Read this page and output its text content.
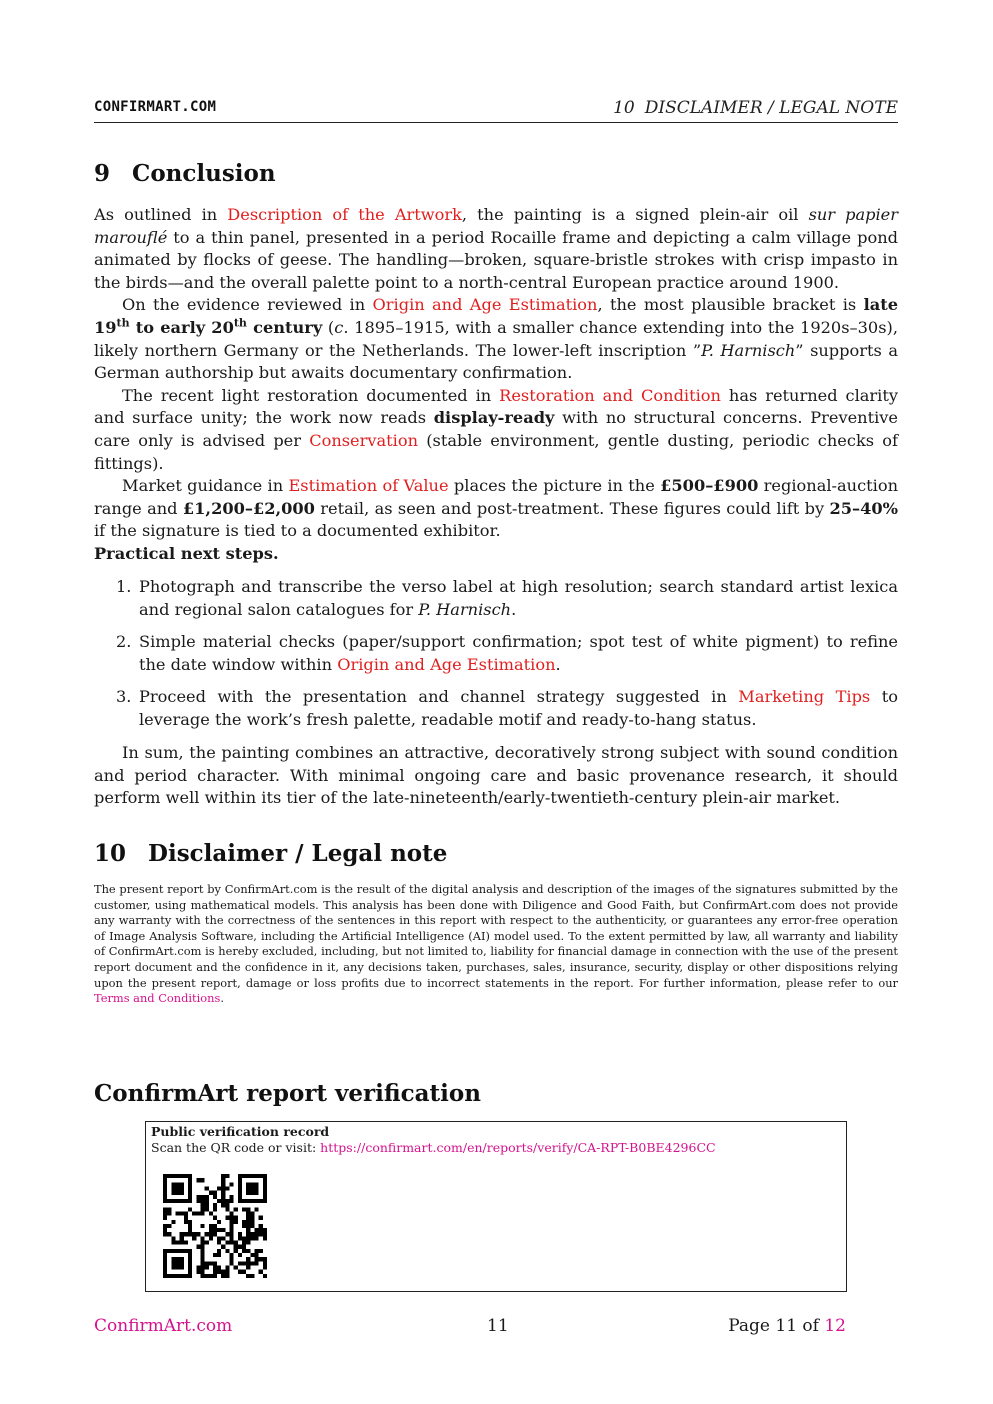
CONFIRMART.COM	10 DISCLAIMER / LEGAL NOTE
9 Conclusion

As outlined in Description of the Artwork, the painting is a signed plein-air oil sur papier marouflé to a thin panel, presented in a period Rocaille frame and depicting a calm village pond animated by flocks of geese. The handling—broken, square-bristle strokes with crisp impasto in the birds—and the overall palette point to a north-central European practice around 1900.

On the evidence reviewed in Origin and Age Estimation, the most plausible bracket is late 19th to early 20th century (c. 1895–1915, with a smaller chance extending into the 1920s–30s), likely northern Germany or the Netherlands. The lower-left inscription ”P. Harnisch” supports a German authorship but awaits documentary confirmation.

The recent light restoration documented in Restoration and Condition has returned clarity and surface unity; the work now reads display-ready with no structural concerns. Preventive care only is advised per Conservation (stable environment, gentle dusting, periodic checks of fittings).

Market guidance in Estimation of Value places the picture in the £500–£900 regional-auction range and £1,200–£2,000 retail, as seen and post-treatment. These figures could lift by 25–40% if the signature is tied to a documented exhibitor.

Practical next steps.
1. Photograph and transcribe the verso label at high resolution; search standard artist lexica and regional salon catalogues for P. Harnisch.
2. Simple material checks (paper/support confirmation; spot test of white pigment) to refine the date window within Origin and Age Estimation.
3. Proceed with the presentation and channel strategy suggested in Marketing Tips to leverage the work’s fresh palette, readable motif and ready-to-hang status.

In sum, the painting combines an attractive, decoratively strong subject with sound condition and period character. With minimal ongoing care and basic provenance research, it should perform well within its tier of the late-nineteenth/early-twentieth-century plein-air market.

10 Disclaimer / Legal note

The present report by ConfirmArt.com is the result of the digital analysis and description of the images of the signatures submitted by the customer, using mathematical models. This analysis has been done with Diligence and Good Faith, but ConfirmArt.com does not provide any warranty with the correctness of the sentences in this report with respect to the authenticity, or guarantees any error-free operation of Image Analysis Software, including the Artificial Intelligence (AI) model used. To the extent permitted by law, all warranty and liability of ConfirmArt.com is hereby excluded, including, but not limited to, liability for financial damage in connection with the use of the present report document and the confidence in it, any decisions taken, purchases, sales, insurance, security, display or other dispositions relying upon the present report, damage or loss profits due to incorrect statements in the report. For further information, please refer to our Terms and Conditions.

ConfirmArt report verification
Public verification record
Scan the QR code or visit: https://confirmart.com/en/reports/verify/CA-RPT-B0BE4296CC
ConfirmArt.com	11	Page 11 of 12
